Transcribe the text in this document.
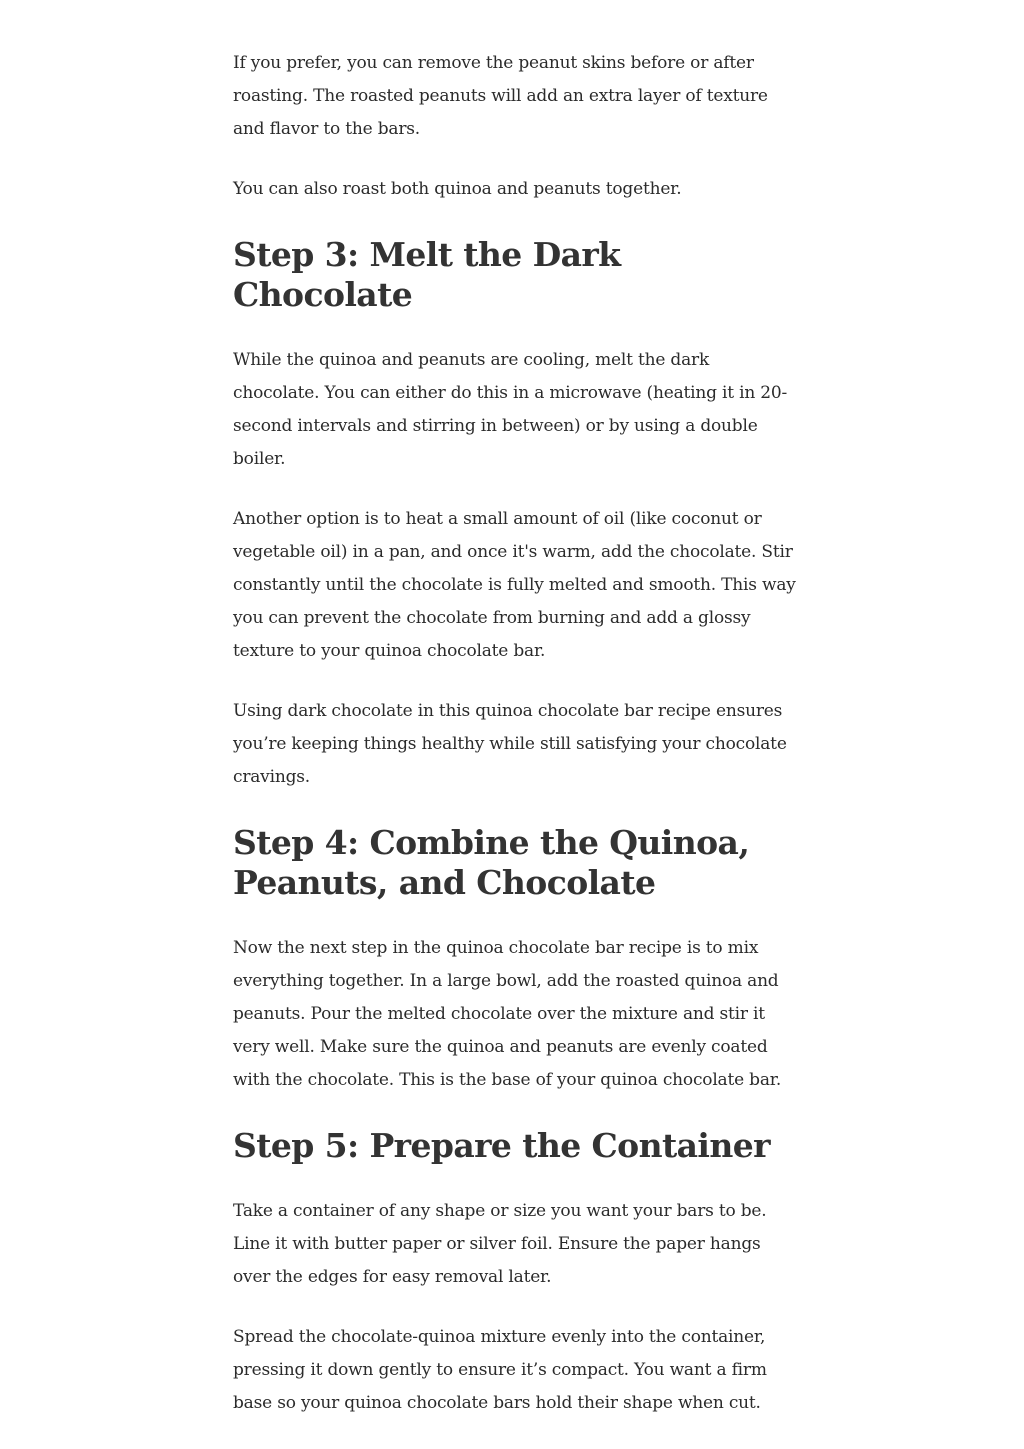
If you prefer, you can remove the peanut skins before or after roasting. The roasted peanuts will add an extra layer of texture and flavor to the bars.

You can also roast both quinoa and peanuts together.

Step 3: Melt the Dark Chocolate

While the quinoa and peanuts are cooling, melt the dark chocolate. You can either do this in a microwave (heating it in 20-second intervals and stirring in between) or by using a double boiler.

Another option is to heat a small amount of oil (like coconut or vegetable oil) in a pan, and once it's warm, add the chocolate. Stir constantly until the chocolate is fully melted and smooth. This way you can prevent the chocolate from burning and add a glossy texture to your quinoa chocolate bar.

Using dark chocolate in this quinoa chocolate bar recipe ensures you’re keeping things healthy while still satisfying your chocolate cravings.

Step 4: Combine the Quinoa, Peanuts, and Chocolate

Now the next step in the quinoa chocolate bar recipe is to mix everything together. In a large bowl, add the roasted quinoa and peanuts. Pour the melted chocolate over the mixture and stir it very well. Make sure the quinoa and peanuts are evenly coated with the chocolate. This is the base of your quinoa chocolate bar.

Step 5: Prepare the Container

Take a container of any shape or size you want your bars to be. Line it with butter paper or silver foil. Ensure the paper hangs over the edges for easy removal later.

Spread the chocolate-quinoa mixture evenly into the container, pressing it down gently to ensure it’s compact. You want a firm base so your quinoa chocolate bars hold their shape when cut.
